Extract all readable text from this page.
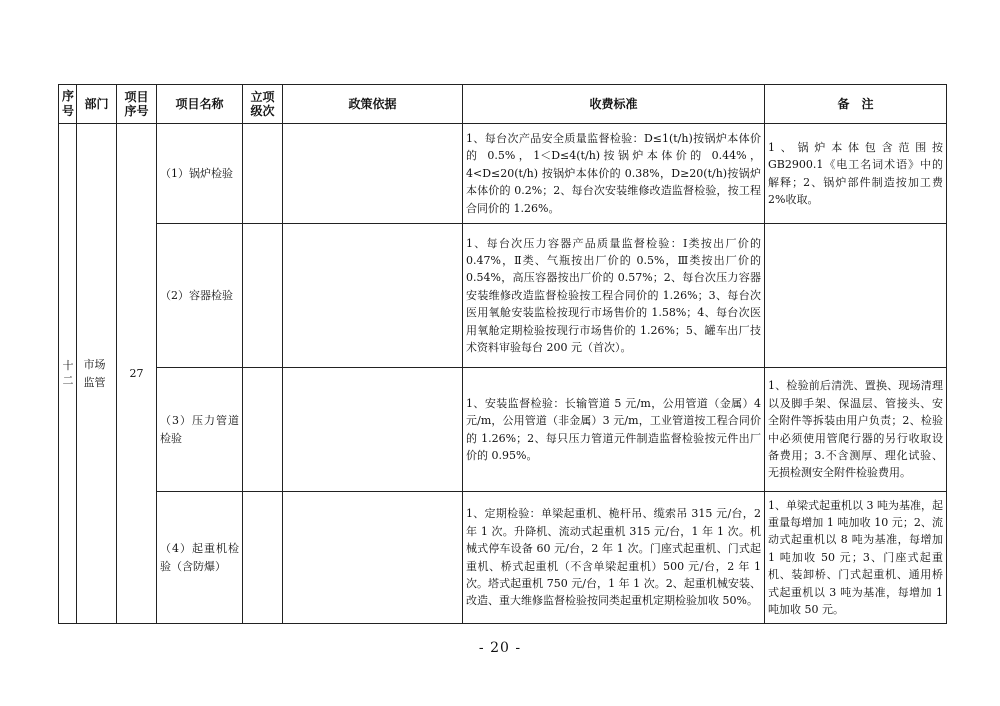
序号	部门	项目序号	项目名称	立项级次	政策依据	收费标准	备　注
十二	市场监管	27	（1）锅炉检验			1、每台次产品安全质量监督检验：D≤1(t/h)按锅炉本体价的 0.5%，1＜D≤4(t/h)按锅炉本体价的 0.44%，4<D≤20(t/h) 按锅炉本体价的 0.38%，D≥20(t/h)按锅炉本体价的 0.2%；2、每台次安装维修改造监督检验，按工程合同价的 1.26%。	1、锅炉本体包含范围按 GB2900.1《电工名词术语》中的解释；2、锅炉部件制造按加工费 2%收取。
			（2）容器检验			1、每台次压力容器产品质量监督检验：Ⅰ类按出厂价的 0.47%，Ⅱ类、气瓶按出厂价的 0.5%，Ⅲ类按出厂价的 0.54%，高压容器按出厂价的 0.57%；2、每台次压力容器安装维修改造监督检验按工程合同价的 1.26%；3、每台次医用氧舱安装监检按现行市场售价的 1.58%；4、每台次医用氧舱定期检验按现行市场售价的 1.26%；5、罐车出厂技术资料审验每台 200 元（首次）。	
			（3）压力管道检验			1、安装监督检验：长输管道 5 元/m，公用管道（金属）4 元/m，公用管道（非金属）3 元/m，工业管道按工程合同价的 1.26%；2、每只压力管道元件制造监督检验按元件出厂价的 0.95%。	1、检验前后清洗、置换、现场清理以及脚手架、保温层、管接头、安全附件等拆装由用户负责；2、检验中必须使用管爬行器的另行收取设备费用；3.不含测厚、理化试验、无损检测安全附件检验费用。
			（4）起重机检验（含防爆）			1、定期检验：单梁起重机、桅杆吊、缆索吊 315 元/台，2 年 1 次。升降机、流动式起重机 315 元/台，1 年 1 次。机械式停车设备 60 元/台，2 年 1 次。门座式起重机、门式起重机、桥式起重机（不含单梁起重机）500 元/台，2 年 1 次。塔式起重机 750 元/台，1 年 1 次。2、起重机械安装、改造、重大维修监督检验按同类起重机定期检验加收 50%。	1、单梁式起重机以 3 吨为基准，起重量每增加 1 吨加收 10 元；2、流动式起重机以 8 吨为基准，每增加 1 吨加收 50 元；3、门座式起重机、装卸桥、门式起重机、通用桥式起重机以 3 吨为基准，每增加 1 吨加收 50 元。
- 20 -
